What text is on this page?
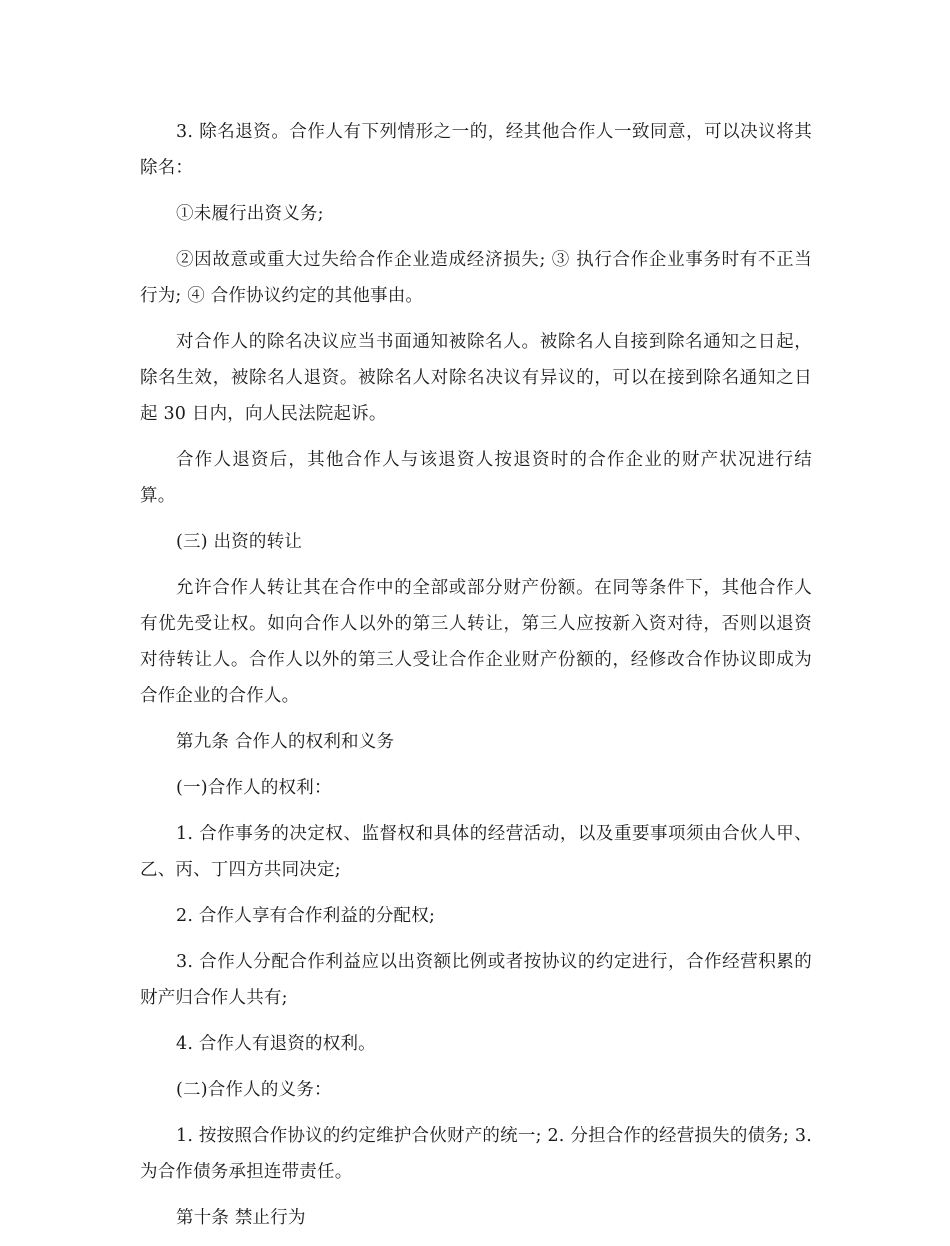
3. 除名退资。合作人有下列情形之一的，经其他合作人一致同意，可以决议将其除名：

①未履行出资义务;

②因故意或重大过失给合作企业造成经济损失; ③ 执行合作企业事务时有不正当行为; ④ 合作协议约定的其他事由。

对合作人的除名决议应当书面通知被除名人。被除名人自接到除名通知之日起，除名生效，被除名人退资。被除名人对除名决议有异议的，可以在接到除名通知之日起 30 日内，向人民法院起诉。

合作人退资后，其他合作人与该退资人按退资时的合作企业的财产状况进行结算。

(三) 出资的转让

允许合作人转让其在合作中的全部或部分财产份额。在同等条件下，其他合作人有优先受让权。如向合作人以外的第三人转让，第三人应按新入资对待，否则以退资对待转让人。合作人以外的第三人受让合作企业财产份额的，经修改合作协议即成为合作企业的合作人。

第九条 合作人的权利和义务

(一)合作人的权利：

1. 合作事务的决定权、监督权和具体的经营活动，以及重要事项须由合伙人甲、乙、丙、丁四方共同决定;

2. 合作人享有合作利益的分配权;

3. 合作人分配合作利益应以出资额比例或者按协议的约定进行，合作经营积累的财产归合作人共有;

4. 合作人有退资的权利。

(二)合作人的义务：

1. 按按照合作协议的约定维护合伙财产的统一; 2. 分担合作的经营损失的债务; 3. 为合作债务承担连带责任。

第十条 禁止行为
